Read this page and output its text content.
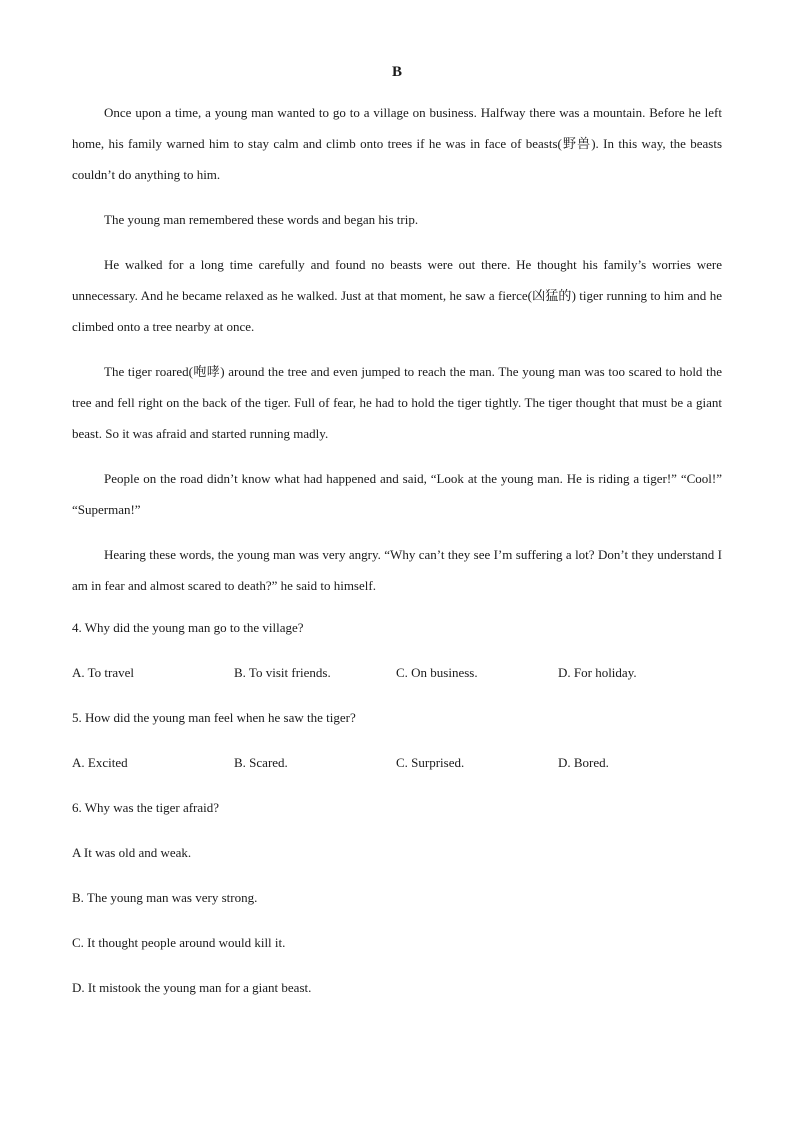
B

Once upon a time, a young man wanted to go to a village on business. Halfway there was a mountain. Before he left home, his family warned him to stay calm and climb onto trees if he was in face of beasts(野兽). In this way, the beasts couldn’t do anything to him.

The young man remembered these words and began his trip.

He walked for a long time carefully and found no beasts were out there. He thought his family’s worries were unnecessary. And he became relaxed as he walked. Just at that moment, he saw a fierce(凶猛的) tiger running to him and he climbed onto a tree nearby at once.

The tiger roared(咆哮) around the tree and even jumped to reach the man. The young man was too scared to hold the tree and fell right on the back of the tiger. Full of fear, he had to hold the tiger tightly. The tiger thought that must be a giant beast. So it was afraid and started running madly.

People on the road didn’t know what had happened and said, “Look at the young man. He is riding a tiger!” “Cool!” “Superman!”

Hearing these words, the young man was very angry. “Why can’t they see I’m suffering a lot? Don’t they understand I am in fear and almost scared to death?” he said to himself.

4. Why did the young man go to the village?
A. To travel	B. To visit friends.	C. On business.	D. For holiday.
5. How did the young man feel when he saw the tiger?
A. Excited	B. Scared.	C. Surprised.	D. Bored.
6. Why was the tiger afraid?
A It was old and weak.
B. The young man was very strong.
C. It thought people around would kill it.
D. It mistook the young man for a giant beast.
